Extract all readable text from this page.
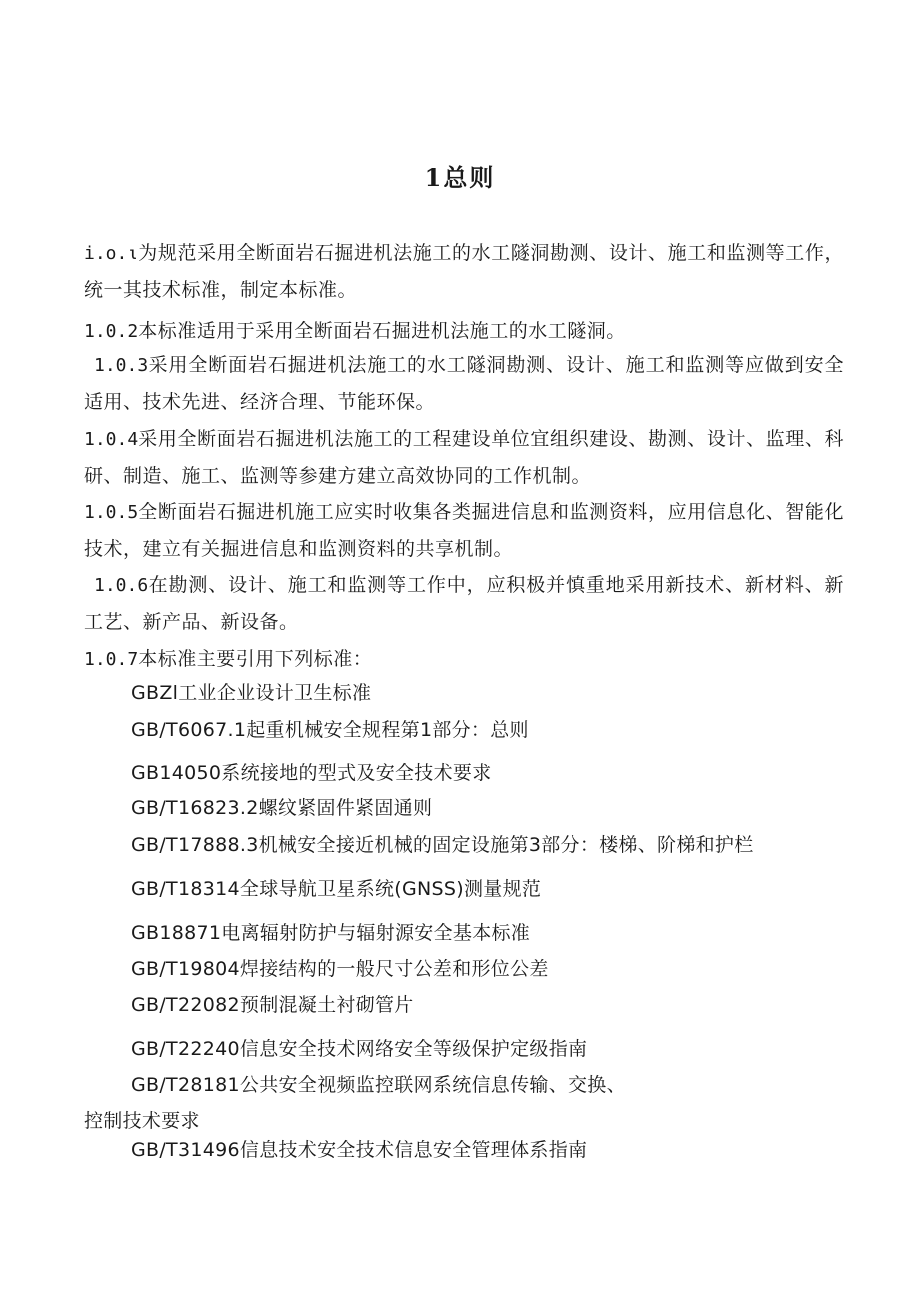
1总则
i.o.ι为规范采用全断面岩石掘进机法施工的水工隧洞勘测、设计、施工和监测等工作，统一其技术标准，制定本标准。
1.0.2本标准适用于采用全断面岩石掘进机法施工的水工隧洞。
1.0.3采用全断面岩石掘进机法施工的水工隧洞勘测、设计、施工和监测等应做到安全适用、技术先进、经济合理、节能环保。
1.0.4采用全断面岩石掘进机法施工的工程建设单位宜组织建设、勘测、设计、监理、科研、制造、施工、监测等参建方建立高效协同的工作机制。
1.0.5全断面岩石掘进机施工应实时收集各类掘进信息和监测资料，应用信息化、智能化技术，建立有关掘进信息和监测资料的共享机制。
1.0.6在勘测、设计、施工和监测等工作中，应积极并慎重地采用新技术、新材料、新工艺、新产品、新设备。
1.0.7本标准主要引用下列标准：
GBZl工业企业设计卫生标准
GB/T6067.1起重机械安全规程第1部分：总则
GB14050系统接地的型式及安全技术要求
GB/T16823.2螺纹紧固件紧固通则
GB/T17888.3机械安全接近机械的固定设施第3部分：楼梯、阶梯和护栏
GB/T18314全球导航卫星系统(GNSS)测量规范
GB18871电离辐射防护与辐射源安全基本标准
GB/T19804焊接结构的一般尺寸公差和形位公差
GB/T22082预制混凝土衬砌管片
GB/T22240信息安全技术网络安全等级保护定级指南
GB/T28181公共安全视频监控联网系统信息传输、交换、
控制技术要求
GB/T31496信息技术安全技术信息安全管理体系指南
